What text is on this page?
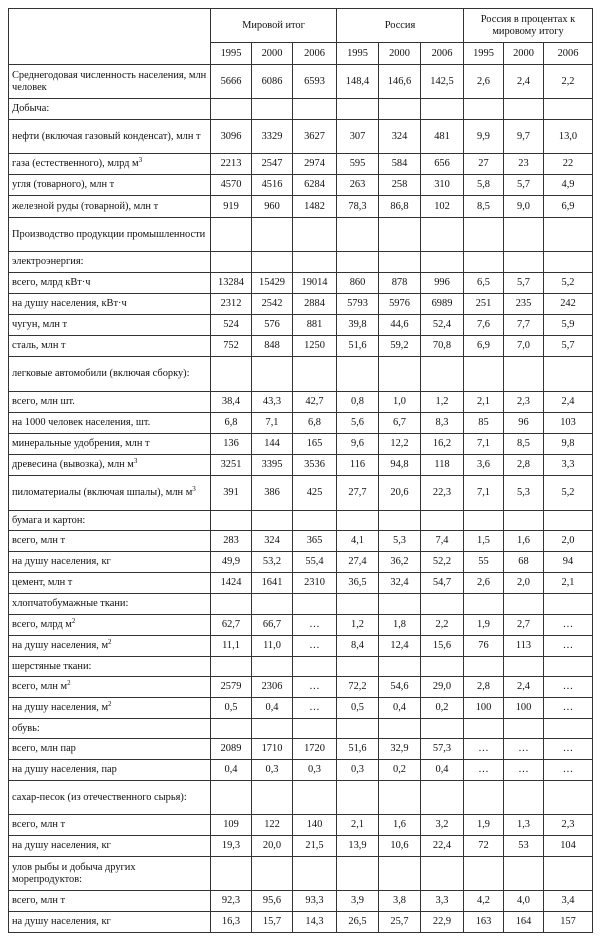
	Мировой итог			Россия			Россия в процентах к мировому итогу		
	1995	2000	2006	1995	2000	2006	1995	2000	2006
Среднегодовая численность населения, млн человек	5666	6086	6593	148,4	146,6	142,5	2,6	2,4	2,2
Добыча:									
нефти (включая газовый конденсат), млн т	3096	3329	3627	307	324	481	9,9	9,7	13,0
газа (естественного), млрд $м^3$	2213	2547	2974	595	584	656	27	23	22
угля (товарного), млн т	4570	4516	6284	263	258	310	5,8	5,7	4,9
железной руды (товарной), млн т	919	960	1482	78,3	86,8	102	8,5	9,0	6,9
Производство продукции промышленности									
электроэнергия:									
всего, млрд кВт·ч	13284	15429	19014	860	878	996	6,5	5,7	5,2
на душу населения, кВт·ч	2312	2542	2884	5793	5976	6989	251	235	242
чугун, млн т	524	576	881	39,8	44,6	52,4	7,6	7,7	5,9
сталь, млн т	752	848	1250	51,6	59,2	70,8	6,9	7,0	5,7
легковые автомобили (включая сборку):									
всего, млн шт.	38,4	43,3	42,7	0,8	1,0	1,2	2,1	2,3	2,4
на 1000 человек населения, шт.	6,8	7,1	6,8	5,6	6,7	8,3	85	96	103
минеральные удобрения, млн т	136	144	165	9,6	12,2	16,2	7,1	8,5	9,8
древесина (вывозка), млн $м^3$	3251	3395	3536	116	94,8	118	3,6	2,8	3,3
пиломатериалы (включая шпалы), млн $м^3$	391	386	425	27,7	20,6	22,3	7,1	5,3	5,2
бумага и картон:									
всего, млн т	283	324	365	4,1	5,3	7,4	1,5	1,6	2,0
на душу населения, кг	49,9	53,2	55,4	27,4	36,2	52,2	55	68	94
цемент, млн т	1424	1641	2310	36,5	32,4	54,7	2,6	2,0	2,1
хлопчатобумажные ткани:									
всего, млрд $м^2$	62,7	66,7	…	1,2	1,8	2,2	1,9	2,7	…
на душу населения, $м^2$	11,1	11,0	…	8,4	12,4	15,6	76	113	…
шерстяные ткани:									
всего, млн $м^2$	2579	2306	…	72,2	54,6	29,0	2,8	2,4	…
на душу населения, $м^2$	0,5	0,4	…	0,5	0,4	0,2	100	100	…
обувь:									
всего, млн пар	2089	1710	1720	51,6	32,9	57,3	…	…	…
на душу населения, пар	0,4	0,3	0,3	0,3	0,2	0,4	…	…	…
сахар-песок (из отечественного сырья):									
всего, млн т	109	122	140	2,1	1,6	3,2	1,9	1,3	2,3
на душу населения, кг	19,3	20,0	21,5	13,9	10,6	22,4	72	53	104
улов рыбы и добыча других морепродуктов:									
всего, млн т	92,3	95,6	93,3	3,9	3,8	3,3	4,2	4,0	3,4
на душу населения, кг	16,3	15,7	14,3	26,5	25,7	22,9	163	164	157
